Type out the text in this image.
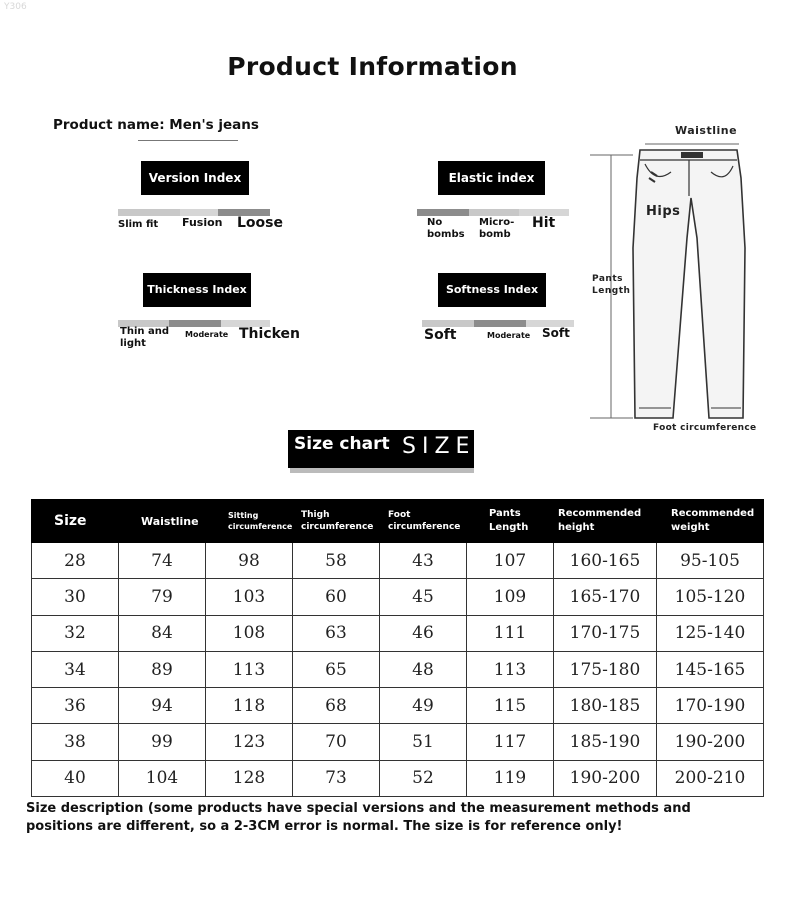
Y306
Product Information
Product name: Men's jeans
Version Index
Slim fit Fusion Loose
Elastic index
No bombs
Micro-bomb
Hit
Thickness Index
Thin and light
Moderate Thicken
Softness Index
Soft	Moderate Soft
Waistline
Hips
Pants
Length
Foot circumference
Size chart SIZE
Size	Waistline	Sitting circumference	Thigh circumference	Foot circumference	Pants Length	Recommended height	Recommended weight
28	74	98	58	43	107	160-165	95-105
30	79	103	60	45	109	165-170	105-120
32	84	108	63	46	111	170-175	125-140
34	89	113	65	48	113	175-180	145-165
36	94	118	68	49	115	180-185	170-190
38	99	123	70	51	117	185-190	190-200
40	104	128	73	52	119	190-200	200-210
Size description (some products have special versions and the measurement methods and positions are different, so a 2-3CM error is normal. The size is for reference only!
